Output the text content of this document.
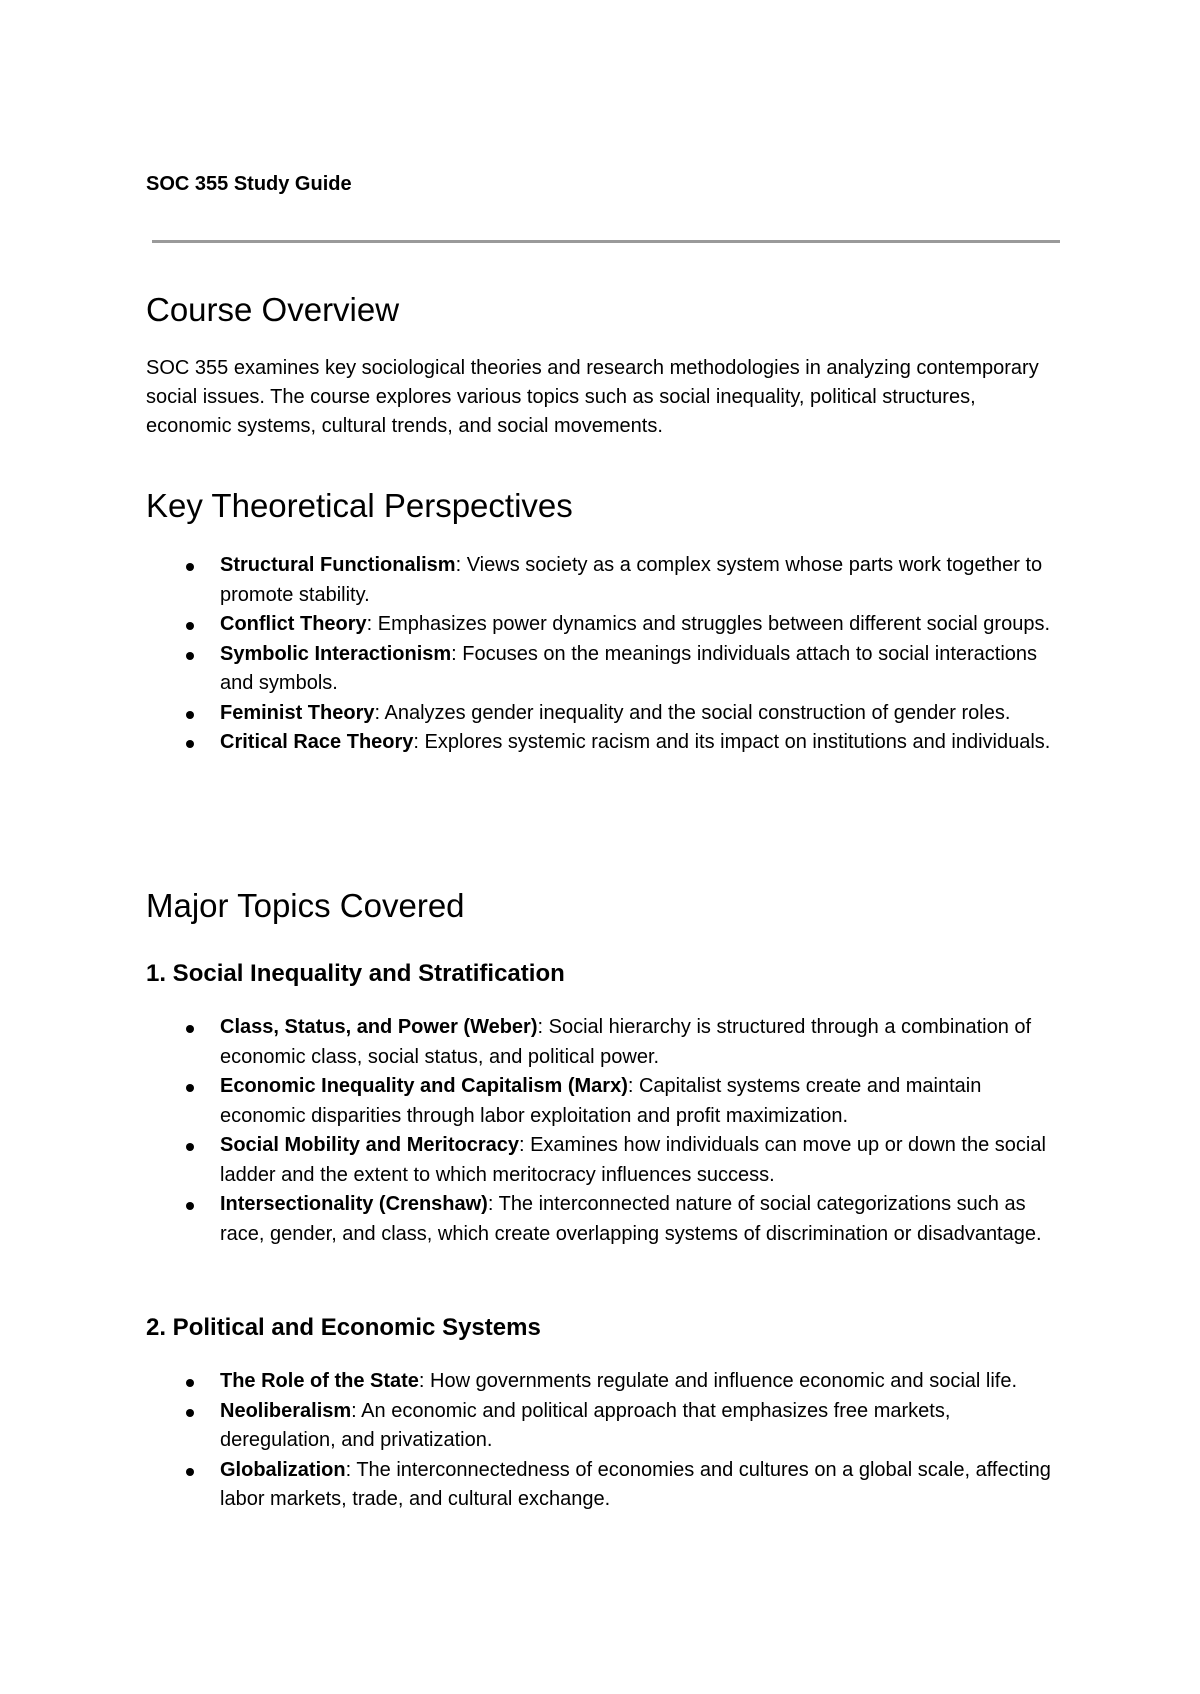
SOC 355 Study Guide
Course Overview

SOC 355 examines key sociological theories and research methodologies in analyzing contemporary social issues. The course explores various topics such as social inequality, political structures, economic systems, cultural trends, and social movements.

Key Theoretical Perspectives
Structural Functionalism: Views society as a complex system whose parts work together to promote stability.
Conflict Theory: Emphasizes power dynamics and struggles between different social groups.
Symbolic Interactionism: Focuses on the meanings individuals attach to social interactions and symbols.
Feminist Theory: Analyzes gender inequality and the social construction of gender roles.
Critical Race Theory: Explores systemic racism and its impact on institutions and individuals.
Major Topics Covered
1. Social Inequality and Stratification
Class, Status, and Power (Weber): Social hierarchy is structured through a combination of economic class, social status, and political power.
Economic Inequality and Capitalism (Marx): Capitalist systems create and maintain economic disparities through labor exploitation and profit maximization.
Social Mobility and Meritocracy: Examines how individuals can move up or down the social ladder and the extent to which meritocracy influences success.
Intersectionality (Crenshaw): The interconnected nature of social categorizations such as race, gender, and class, which create overlapping systems of discrimination or disadvantage.
2. Political and Economic Systems
The Role of the State: How governments regulate and influence economic and social life.
Neoliberalism: An economic and political approach that emphasizes free markets, deregulation, and privatization.
Globalization: The interconnectedness of economies and cultures on a global scale, affecting labor markets, trade, and cultural exchange.
